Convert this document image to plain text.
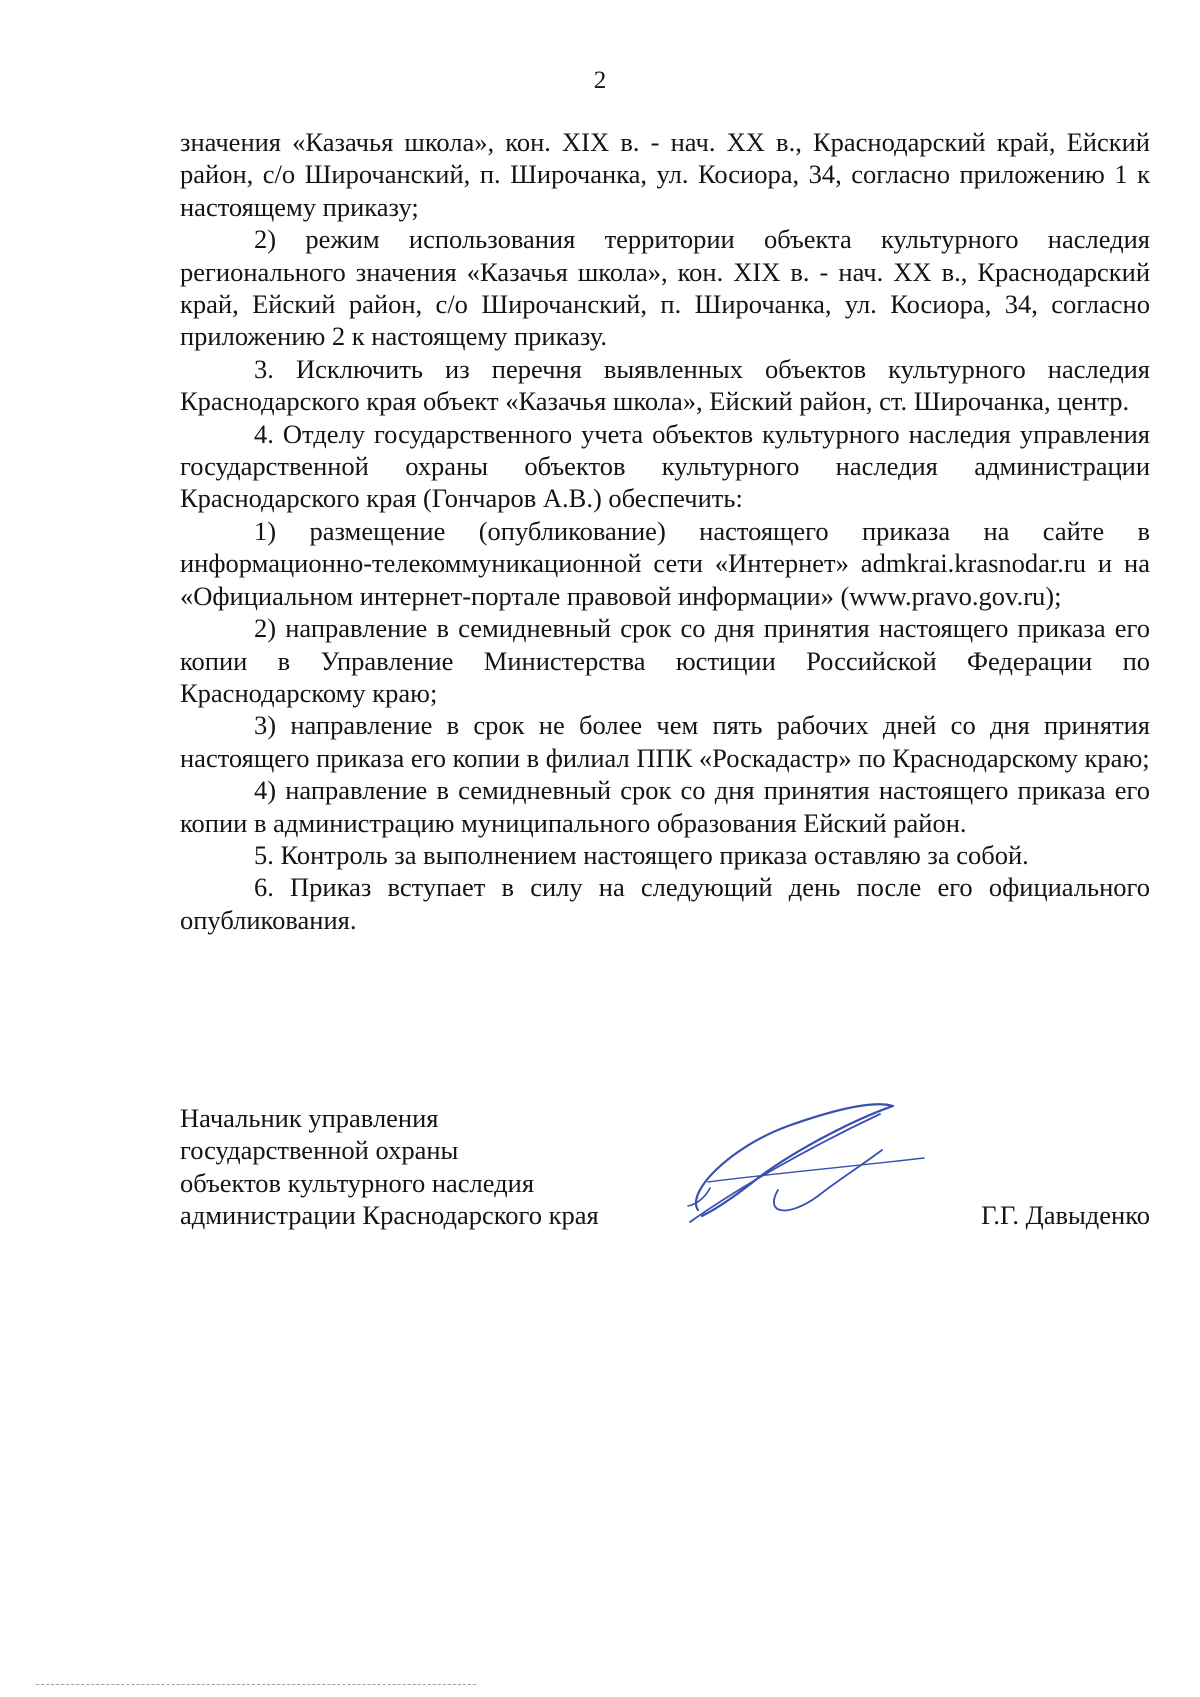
2

значения «Казачья школа», кон. XIX в. - нач. XX в., Краснодарский край, Ейский район, с/о Широчанский, п. Широчанка, ул. Косиора, 34, согласно приложению 1 к настоящему приказу;

2) режим использования территории объекта культурного наследия регионального значения «Казачья школа», кон. XIX в. - нач. XX в., Краснодарский край, Ейский район, с/о Широчанский, п. Широчанка, ул. Косиора, 34, согласно приложению 2 к настоящему приказу.

3. Исключить из перечня выявленных объектов культурного наследия Краснодарского края объект «Казачья школа», Ейский район, ст. Широчанка, центр.

4. Отделу государственного учета объектов культурного наследия управления государственной охраны объектов культурного наследия администрации Краснодарского края (Гончаров А.В.) обеспечить:

1) размещение (опубликование) настоящего приказа на сайте в информационно-телекоммуникационной сети «Интернет» admkrai.krasnodar.ru и на «Официальном интернет-портале правовой информации» (www.pravo.gov.ru);

2) направление в семидневный срок со дня принятия настоящего приказа его копии в Управление Министерства юстиции Российской Федерации по Краснодарскому краю;

3) направление в срок не более чем пять рабочих дней со дня принятия настоящего приказа его копии в филиал ППК «Роскадастр» по Краснодарскому краю;

4) направление в семидневный срок со дня принятия настоящего приказа его копии в администрацию муниципального образования Ейский район.

5. Контроль за выполнением настоящего приказа оставляю за собой.

6. Приказ вступает в силу на следующий день после его официального опубликования.

Начальник управления
государственной охраны
объектов культурного наследия
администрации Краснодарского края	Г.Г. Давыденко
